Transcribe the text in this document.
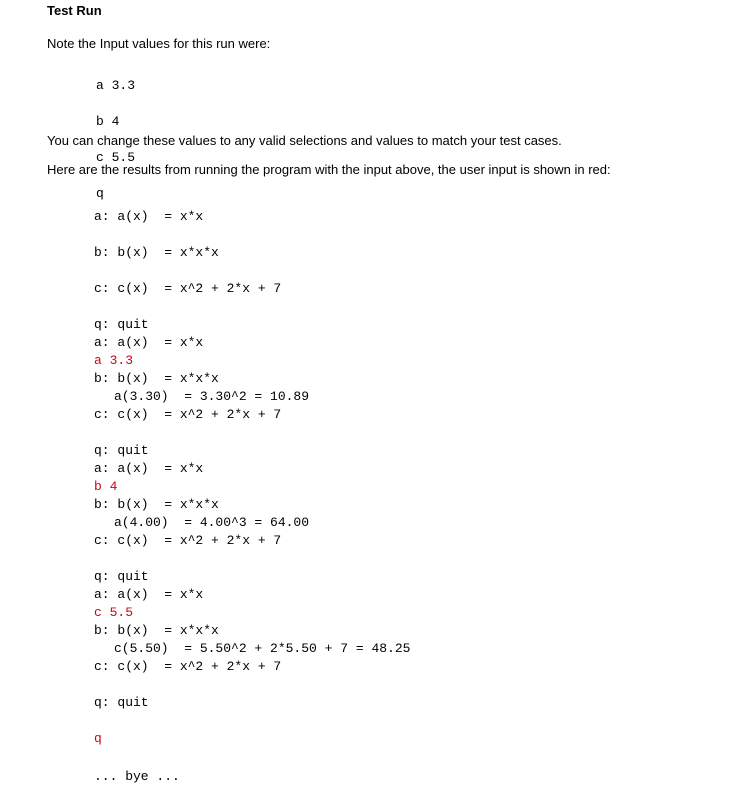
Test Run
Note the Input values for this run were:

a 3.3

b 4

c 5.5

q

You can change these values to any valid selections and values to match your test cases.
Here are the results from running the program with the input above, the user input is shown in red:

a: a(x)  = x*x

b: b(x)  = x*x*x

c: c(x)  = x^2 + 2*x + 7

q: quit

a 3.3

a(3.30)  = 3.30^2 = 10.89

a: a(x)  = x*x

b: b(x)  = x*x*x

c: c(x)  = x^2 + 2*x + 7

q: quit

b 4

a(4.00)  = 4.00^3 = 64.00

a: a(x)  = x*x

b: b(x)  = x*x*x

c: c(x)  = x^2 + 2*x + 7

q: quit

c 5.5

c(5.50)  = 5.50^2 + 2*5.50 + 7 = 48.25

a: a(x)  = x*x

b: b(x)  = x*x*x

c: c(x)  = x^2 + 2*x + 7

q: quit

q

... bye ...
